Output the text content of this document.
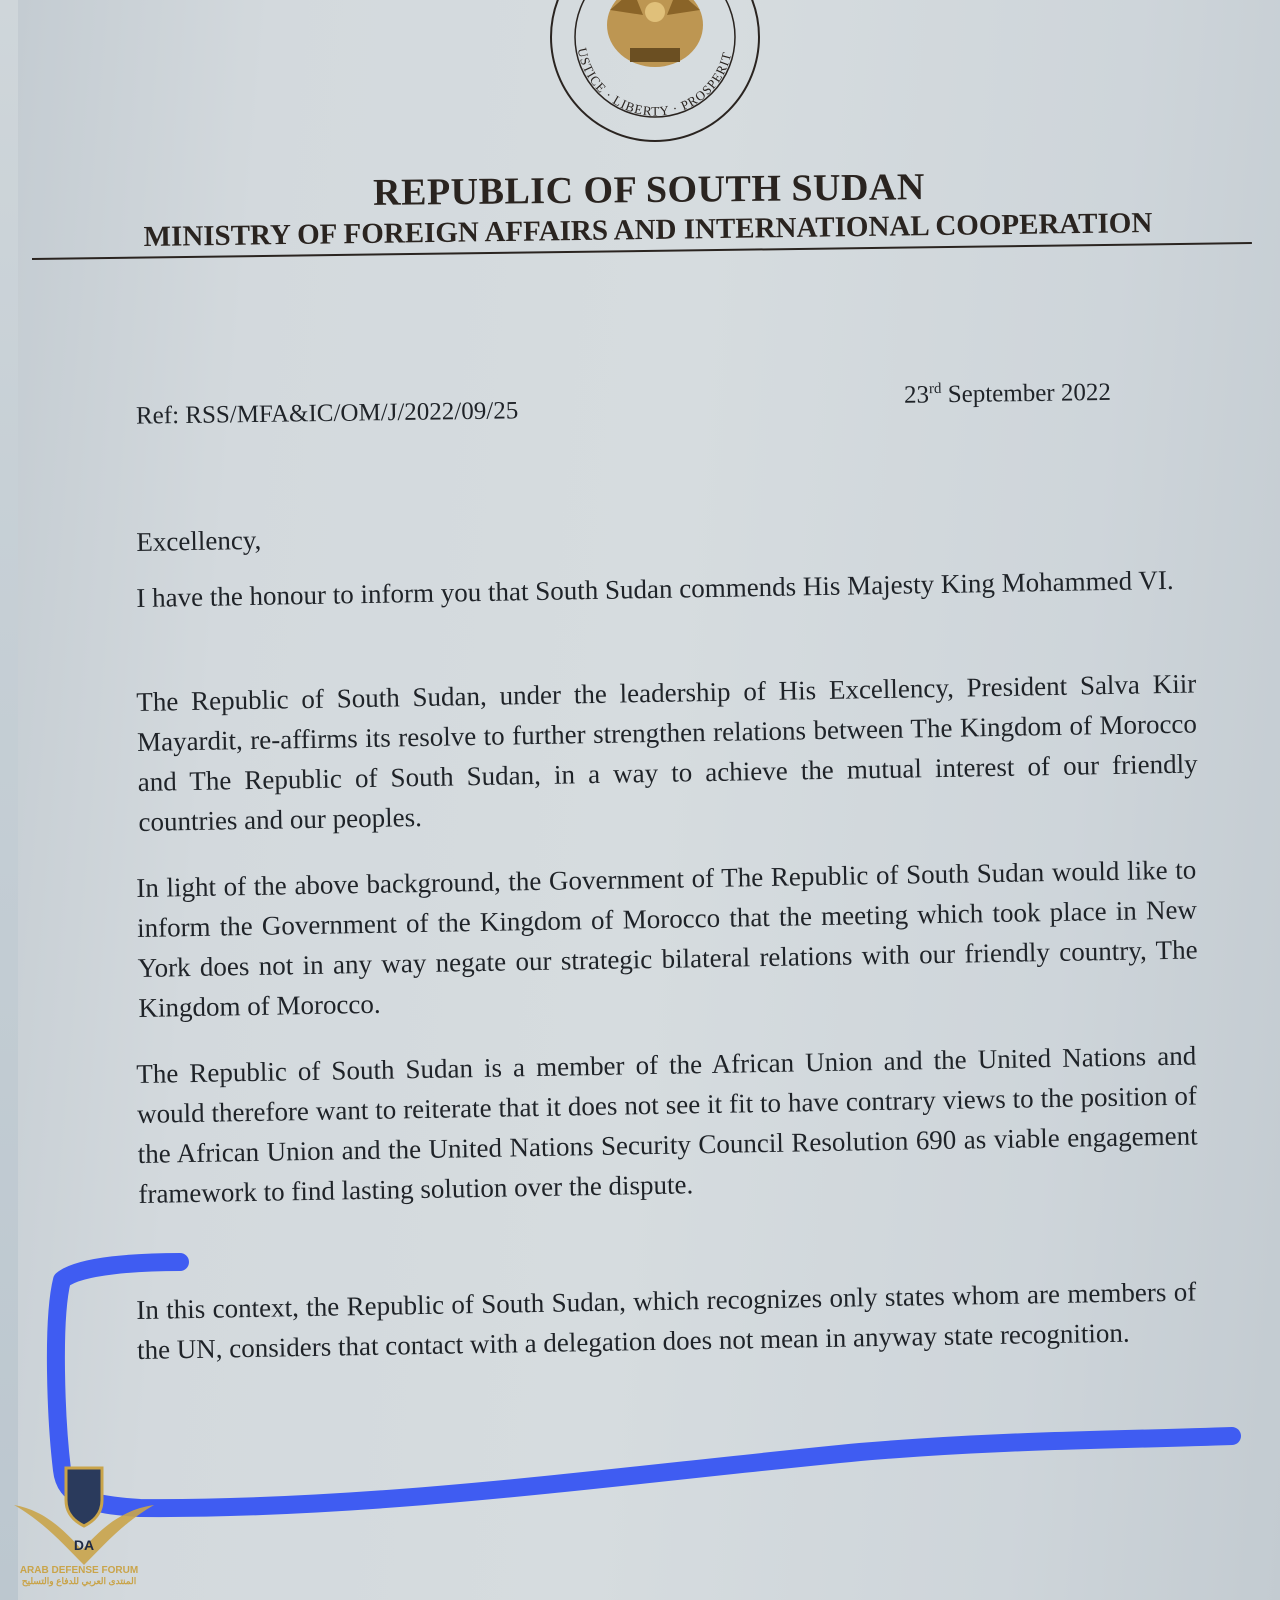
USTICE · LIBERTY · PROSPERIT
REPUBLIC OF SOUTH SUDAN
MINISTRY OF FOREIGN AFFAIRS AND INTERNATIONAL COOPERATION
Ref: RSS/MFA&IC/OM/J/2022/09/25
23rd September 2022
Excellency,
I have the honour to inform you that South Sudan commends His Majesty King Mohammed VI.
The Republic of South Sudan, under the leadership of His Excellency, President Salva Kiir Mayardit, re-affirms its resolve to further strengthen relations between The Kingdom of Morocco and The Republic of South Sudan, in a way to achieve the mutual interest of our friendly countries and our peoples.
In light of the above background, the Government of The Republic of South Sudan would like to inform the Government of the Kingdom of Morocco that the meeting which took place in New York does not in any way negate our strategic bilateral relations with our friendly country, The Kingdom of Morocco.
The Republic of South Sudan is a member of the African Union and the United Nations and would therefore want to reiterate that it does not see it fit to have contrary views to the position of the African Union and the United Nations Security Council Resolution 690 as viable engagement framework to find lasting solution over the dispute.
In this context, the Republic of South Sudan, which recognizes only states whom are members of the UN, considers that contact with a delegation does not mean in anyway state recognition.
DA
ARAB DEFENSE FORUM
المنتدى العربي للدفاع والتسليح
